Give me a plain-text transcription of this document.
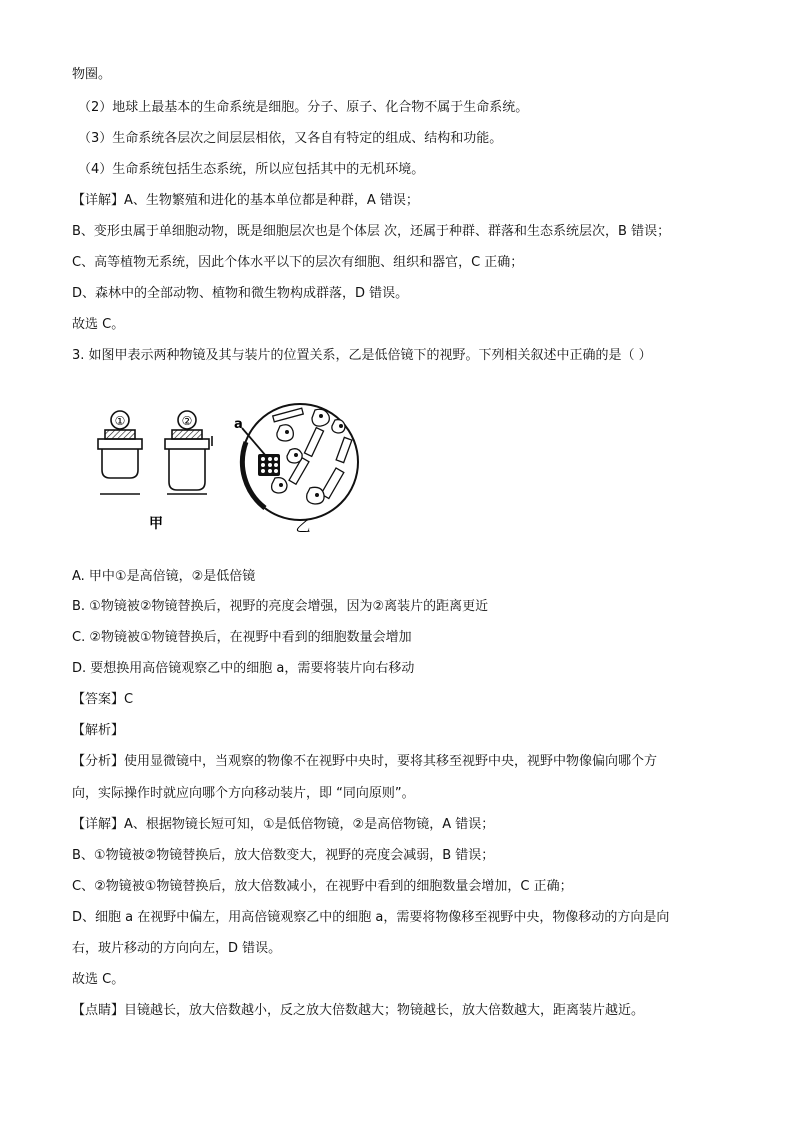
物圈。
（2）地球上最基本的生命系统是细胞。分子、原子、化合物不属于生命系统。
（3）生命系统各层次之间层层相依，又各自有特定的组成、结构和功能。
（4）生命系统包括生态系统，所以应包括其中的无机环境。
【详解】A、生物繁殖和进化的基本单位都是种群，A 错误；
B、变形虫属于单细胞动物，既是细胞层次也是个体层 次，还属于种群、群落和生态系统层次，B 错误；
C、高等植物无系统，因此个体水平以下的层次有细胞、组织和器官，C 正确；
D、森林中的全部动物、植物和微生物构成群落，D 错误。
故选 C。
3. 如图甲表示两种物镜及其与装片的位置关系，乙是低倍镜下的视野。下列相关叙述中正确的是（ ）
①	②	a
甲	乙
A. 甲中①是高倍镜，②是低倍镜
B. ①物镜被②物镜替换后，视野的亮度会增强，因为②离装片的距离更近
C. ②物镜被①物镜替换后，在视野中看到的细胞数量会增加
D. 要想换用高倍镜观察乙中的细胞 a，需要将装片向右移动
【答案】C
【解析】
【分析】使用显微镜中，当观察的物像不在视野中央时，要将其移至视野中央，视野中物像偏向哪个方
向，实际操作时就应向哪个方向移动装片，即 “同向原则”。
【详解】A、根据物镜长短可知，①是低倍物镜，②是高倍物镜，A 错误；
B、①物镜被②物镜替换后，放大倍数变大，视野的亮度会减弱，B 错误；
C、②物镜被①物镜替换后，放大倍数减小，在视野中看到的细胞数量会增加，C 正确；
D、细胞 a 在视野中偏左，用高倍镜观察乙中的细胞 a，需要将物像移至视野中央，物像移动的方向是向
右，玻片移动的方向向左，D 错误。
故选 C。
【点睛】目镜越长，放大倍数越小，反之放大倍数越大；物镜越长，放大倍数越大，距离装片越近。
